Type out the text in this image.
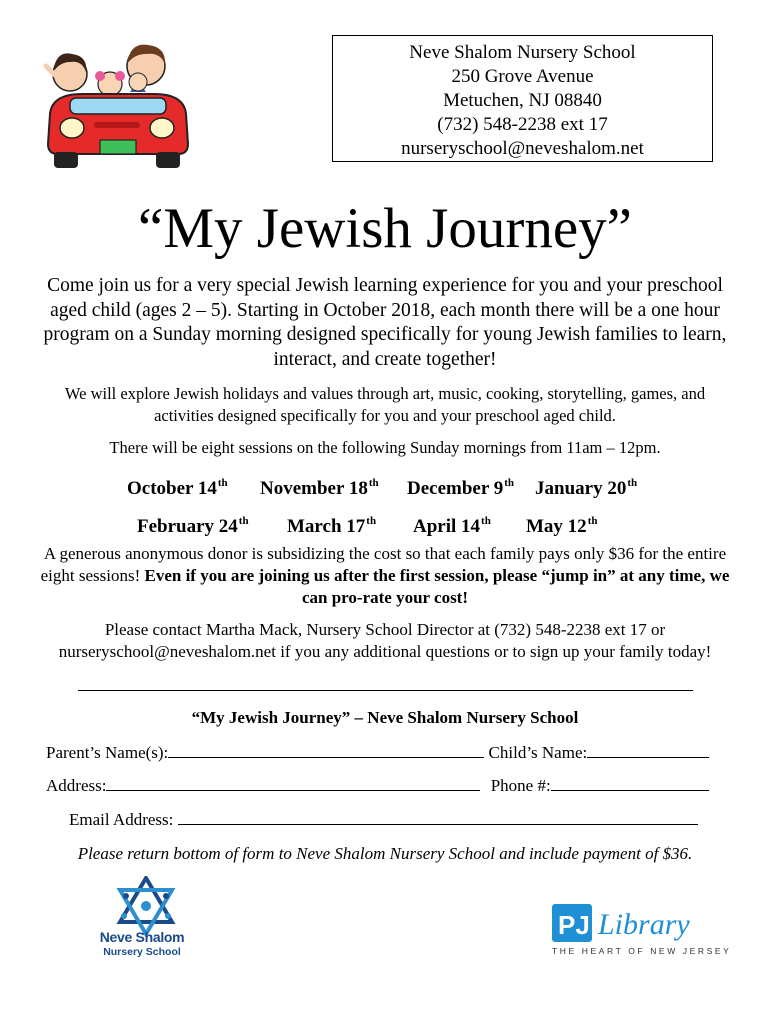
Neve Shalom Nursery School
250 Grove Avenue
Metuchen, NJ 08840
(732) 548-2238 ext 17
nurseryschool@neveshalom.net
“My Jewish Journey”
Come join us for a very special Jewish learning experience for you and your preschool aged child (ages 2 – 5). Starting in October 2018, each month there will be a one hour program on a Sunday morning designed specifically for young Jewish families to learn, interact, and create together!
We will explore Jewish holidays and values through art, music, cooking, storytelling, games, and activities designed specifically for you and your preschool aged child.
There will be eight sessions on the following Sunday mornings from 11am – 12pm.
October 14th November 18th December 9th January 20th
February 24th March 17th April 14th May 12th
A generous anonymous donor is subsidizing the cost so that each family pays only $36 for the entire eight sessions! Even if you are joining us after the first session, please “jump in” at any time, we can pro-rate your cost!
Please contact Martha Mack, Nursery School Director at (732) 548-2238 ext 17 or nurseryschool@neveshalom.net if you any additional questions or to sign up your family today!
“My Jewish Journey” – Neve Shalom Nursery School
Parent’s Name(s):	Child’s Name:
Address:	Phone #:
Email Address:
Please return bottom of form to Neve Shalom Nursery School and include payment of $36.
Neve Shalom
Nursery School
PJ Library
THE HEART OF NEW JERSEY
